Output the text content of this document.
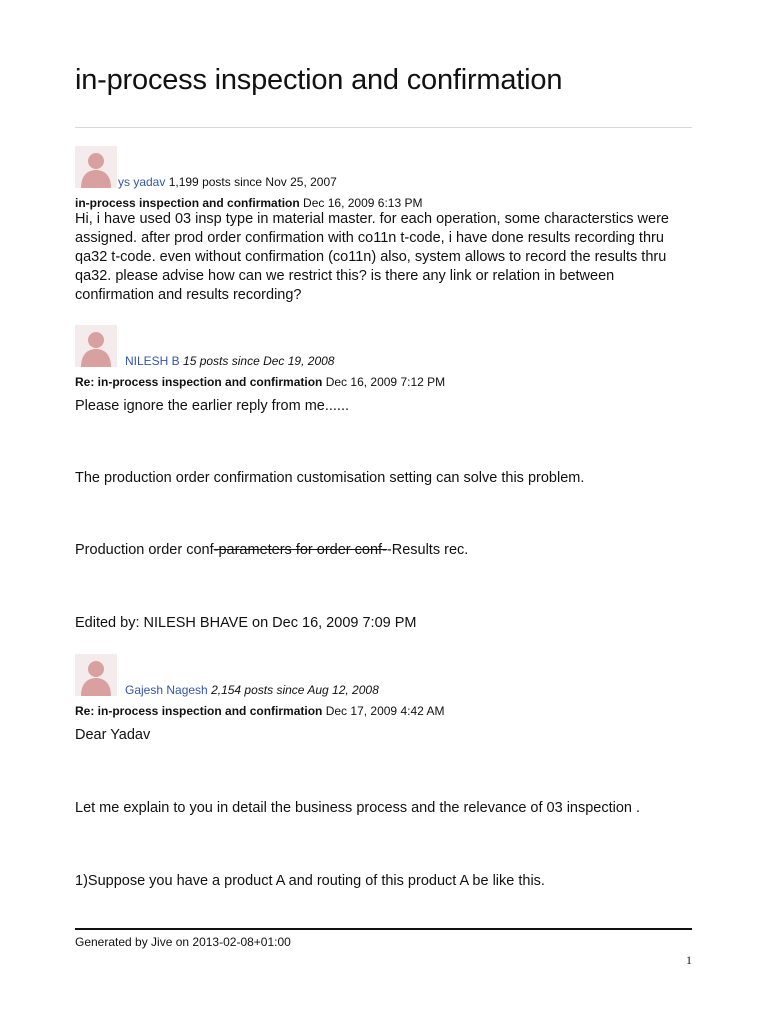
in-process inspection and confirmation
ys yadav 1,199 posts since Nov 25, 2007
in-process inspection and confirmation Dec 16, 2009 6:13 PM
Hi, i have used 03 insp type in material master. for each operation, some characterstics were assigned. after prod order confirmation with co11n t-code, i have done results recording thru qa32 t-code. even without confirmation (co11n) also, system allows to record the results thru qa32. please advise how can we restrict this? is there any link or relation in between confirmation and results recording?
NILESH B 15 posts since Dec 19, 2008
Re: in-process inspection and confirmation Dec 16, 2009 7:12 PM
Please ignore the earlier reply from me......
The production order confirmation customisation setting can solve this problem.
Production order conf-parameters for order conf--Results rec.
Edited by: NILESH BHAVE on Dec 16, 2009 7:09 PM
Gajesh Nagesh 2,154 posts since Aug 12, 2008
Re: in-process inspection and confirmation Dec 17, 2009 4:42 AM
Dear Yadav
Let me explain to you in detail the business process and the relevance of 03 inspection .
1)Suppose you have a product A and routing of this product A be like this.
Generated by Jive on 2013-02-08+01:00
1
